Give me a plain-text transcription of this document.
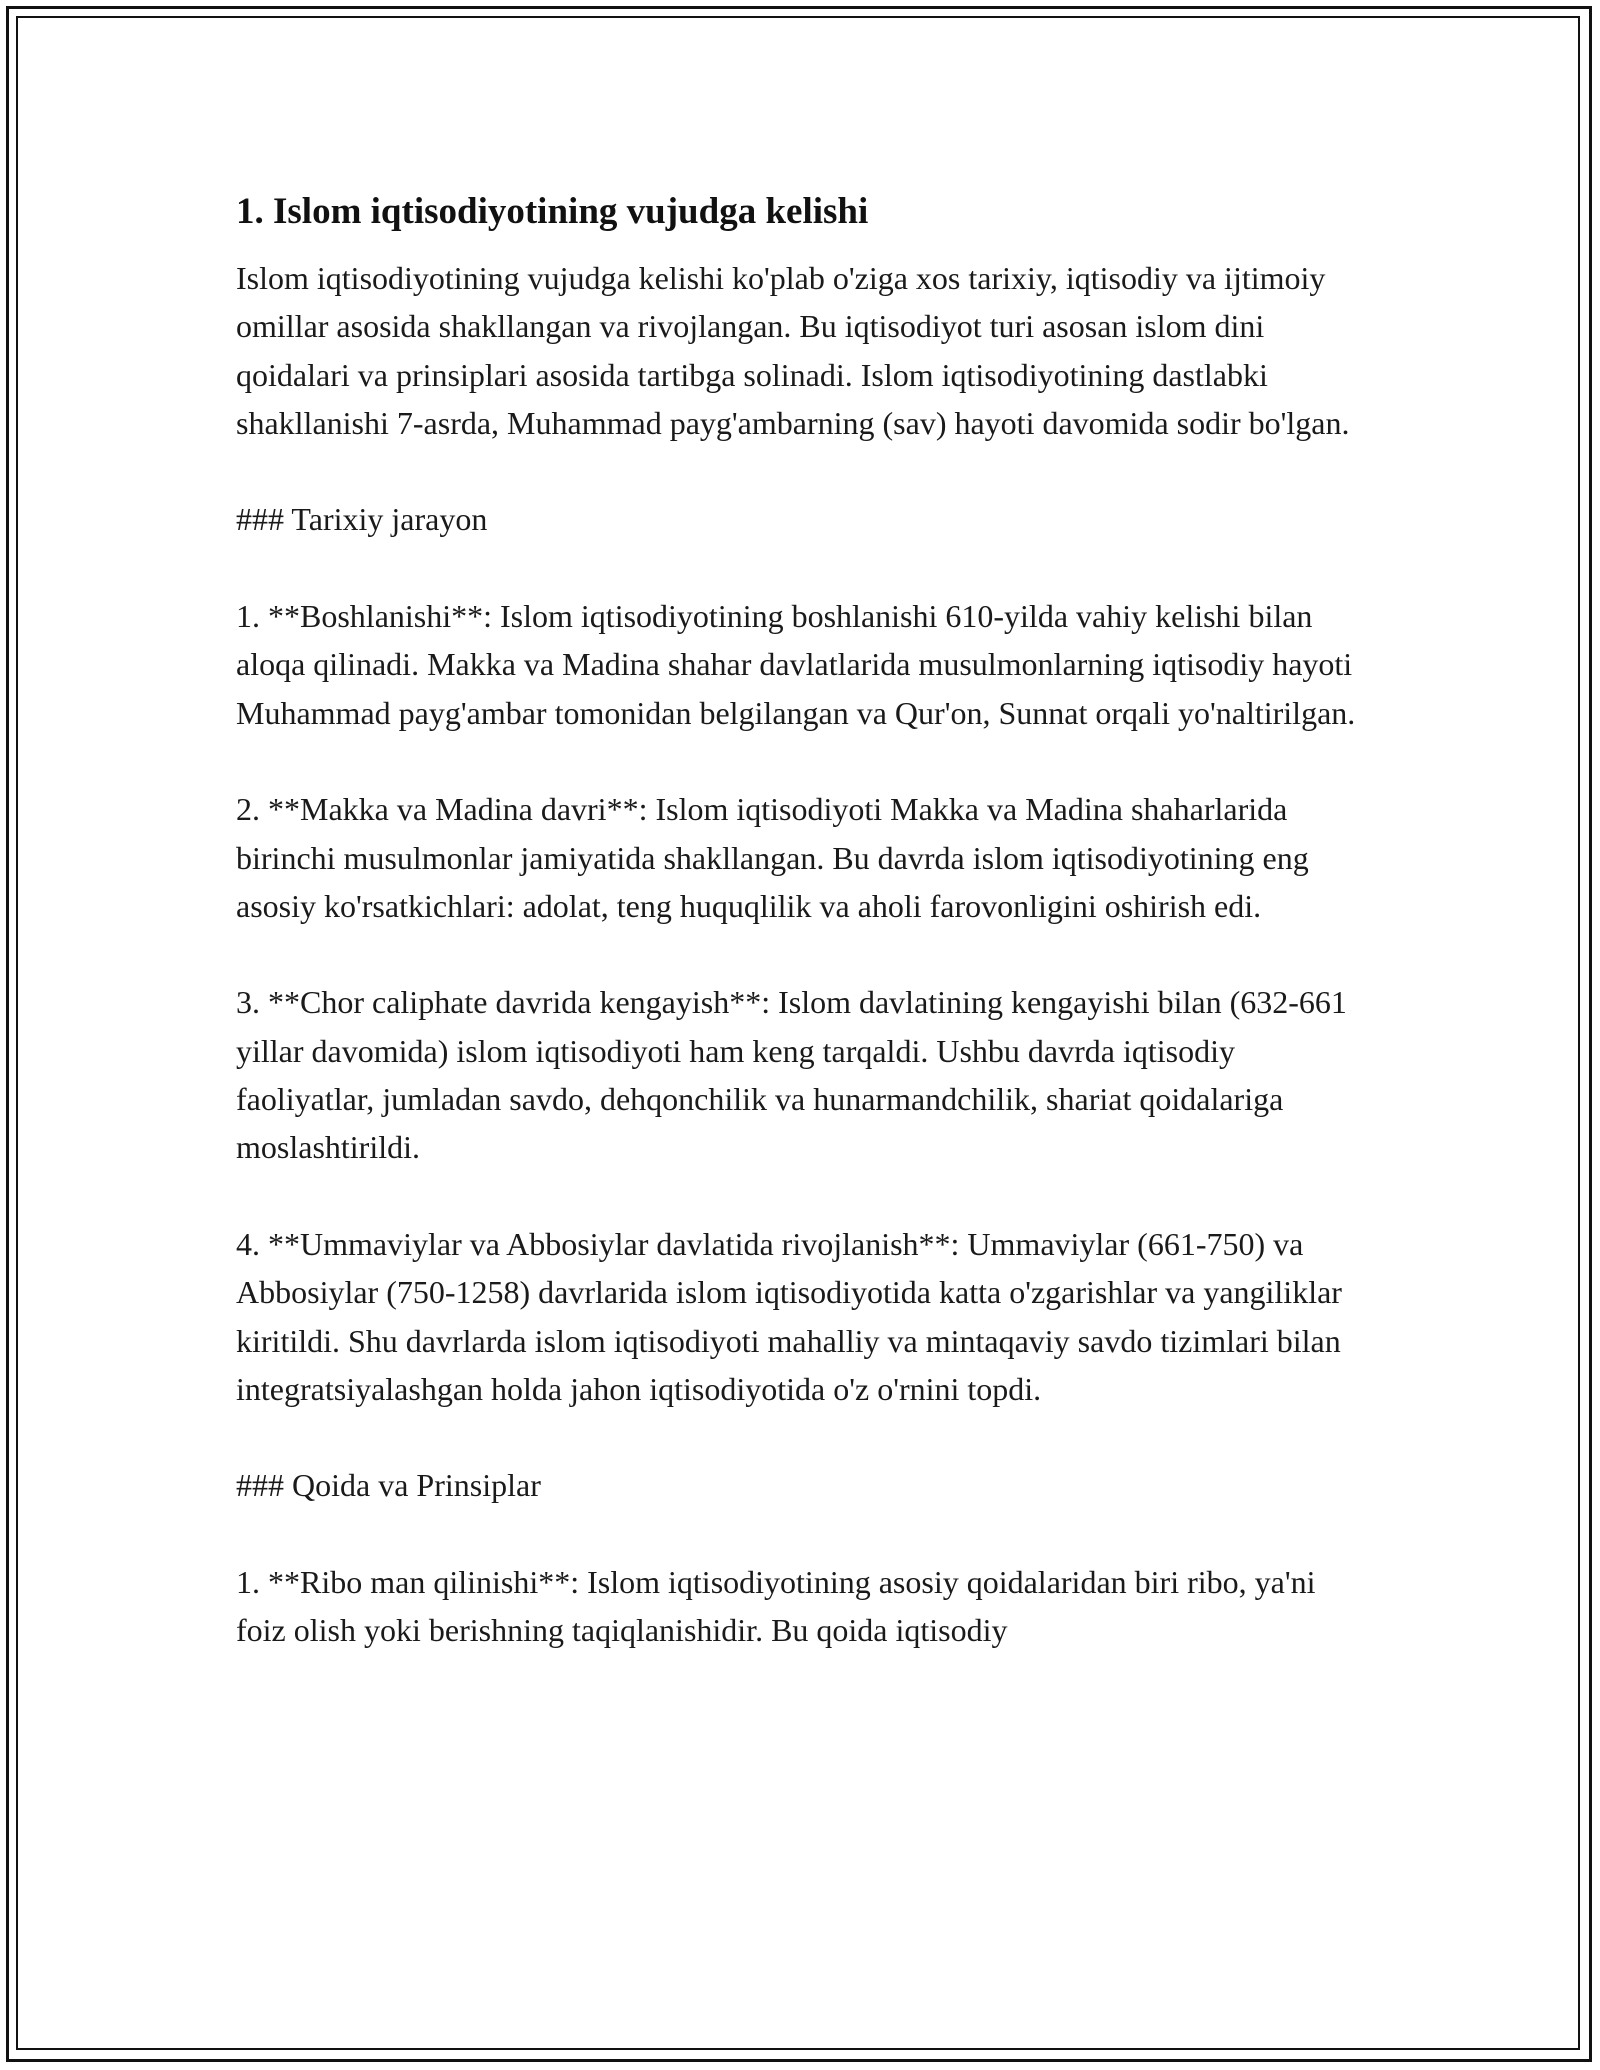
1. Islom iqtisodiyotining vujudga kelishi

Islom iqtisodiyotining vujudga kelishi ko'plab o'ziga xos tarixiy, iqtisodiy va ijtimoiy omillar asosida shakllangan va rivojlangan. Bu iqtisodiyot turi asosan islom dini qoidalari va prinsiplari asosida tartibga solinadi. Islom iqtisodiyotining dastlabki shakllanishi 7-asrda, Muhammad payg'ambarning (sav) hayoti davomida sodir bo'lgan.

### Tarixiy jarayon

1. **Boshlanishi**: Islom iqtisodiyotining boshlanishi 610-yilda vahiy kelishi bilan aloqa qilinadi. Makka va Madina shahar davlatlarida musulmonlarning iqtisodiy hayoti Muhammad payg'ambar tomonidan belgilangan va Qur'on, Sunnat orqali yo'naltirilgan.

2. **Makka va Madina davri**: Islom iqtisodiyoti Makka va Madina shaharlarida birinchi musulmonlar jamiyatida shakllangan. Bu davrda islom iqtisodiyotining eng asosiy ko'rsatkichlari: adolat, teng huquqlilik va aholi farovonligini oshirish edi.

3. **Chor caliphate davrida kengayish**: Islom davlatining kengayishi bilan (632-661 yillar davomida) islom iqtisodiyoti ham keng tarqaldi. Ushbu davrda iqtisodiy faoliyatlar, jumladan savdo, dehqonchilik va hunarmandchilik, shariat qoidalariga moslashtirildi.

4. **Ummaviylar va Abbosiylar davlatida rivojlanish**: Ummaviylar (661-750) va Abbosiylar (750-1258) davrlarida islom iqtisodiyotida katta o'zgarishlar va yangiliklar kiritildi. Shu davrlarda islom iqtisodiyoti mahalliy va mintaqaviy savdo tizimlari bilan integratsiyalashgan holda jahon iqtisodiyotida o'z o'rnini topdi.

### Qoida va Prinsiplar

1. **Ribo man qilinishi**: Islom iqtisodiyotining asosiy qoidalaridan biri ribo, ya'ni foiz olish yoki berishning taqiqlanishidir. Bu qoida iqtisodiy
